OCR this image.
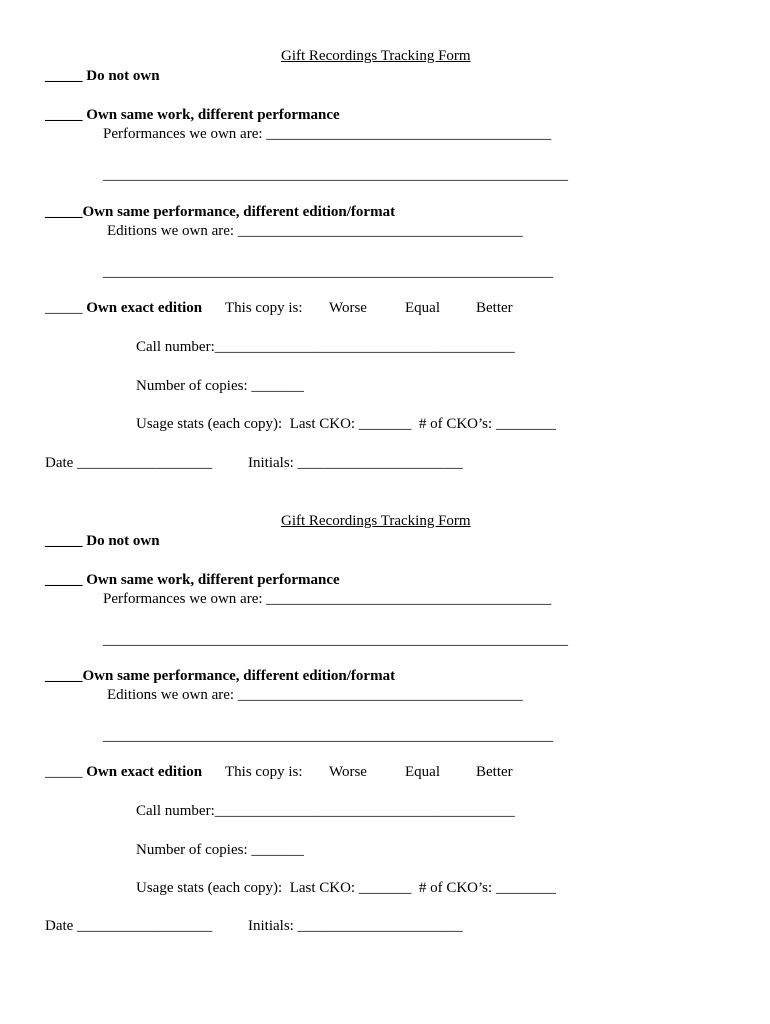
Gift Recordings Tracking Form
_____ Do not own
_____ Own same work, different performance
Performances we own are: ______________________________________
______________________________________________________________
_____Own same performance, different edition/format
Editions we own are: ______________________________________
____________________________________________________________
_____ Own exact edition This copy is: Worse	Equal Better
Call number:________________________________________
Number of copies: _______
Usage stats (each copy):  Last CKO: _______  # of CKO’s: ________
Date __________________ Initials: ______________________
Gift Recordings Tracking Form
_____ Do not own
_____ Own same work, different performance
Performances we own are: ______________________________________
______________________________________________________________
_____Own same performance, different edition/format
Editions we own are: ______________________________________
____________________________________________________________
_____ Own exact edition This copy is: Worse	Equal Better
Call number:________________________________________
Number of copies: _______
Usage stats (each copy):  Last CKO: _______  # of CKO’s: ________
Date __________________ Initials: ______________________
